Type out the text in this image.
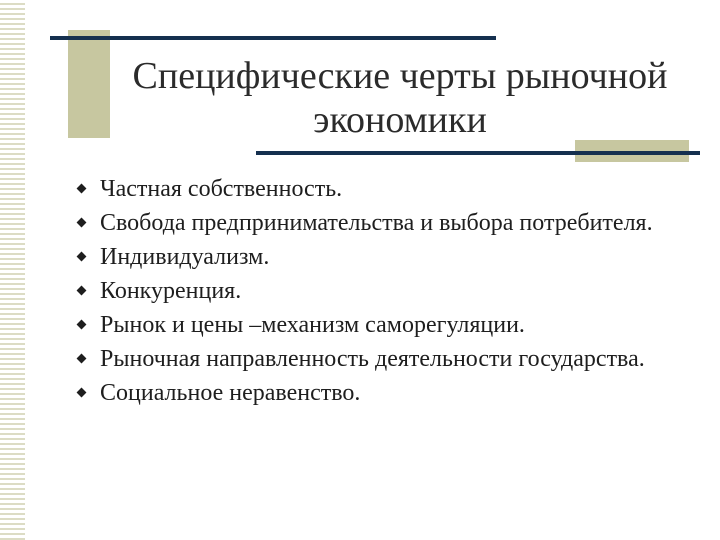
Специфические черты рыночной
экономики
Частная собственность.
Свобода предпринимательства и выбора потребителя.
Индивидуализм.
Конкуренция.
Рынок и цены –механизм саморегуляции.
Рыночная направленность деятельности государства.
Социальное неравенство.
